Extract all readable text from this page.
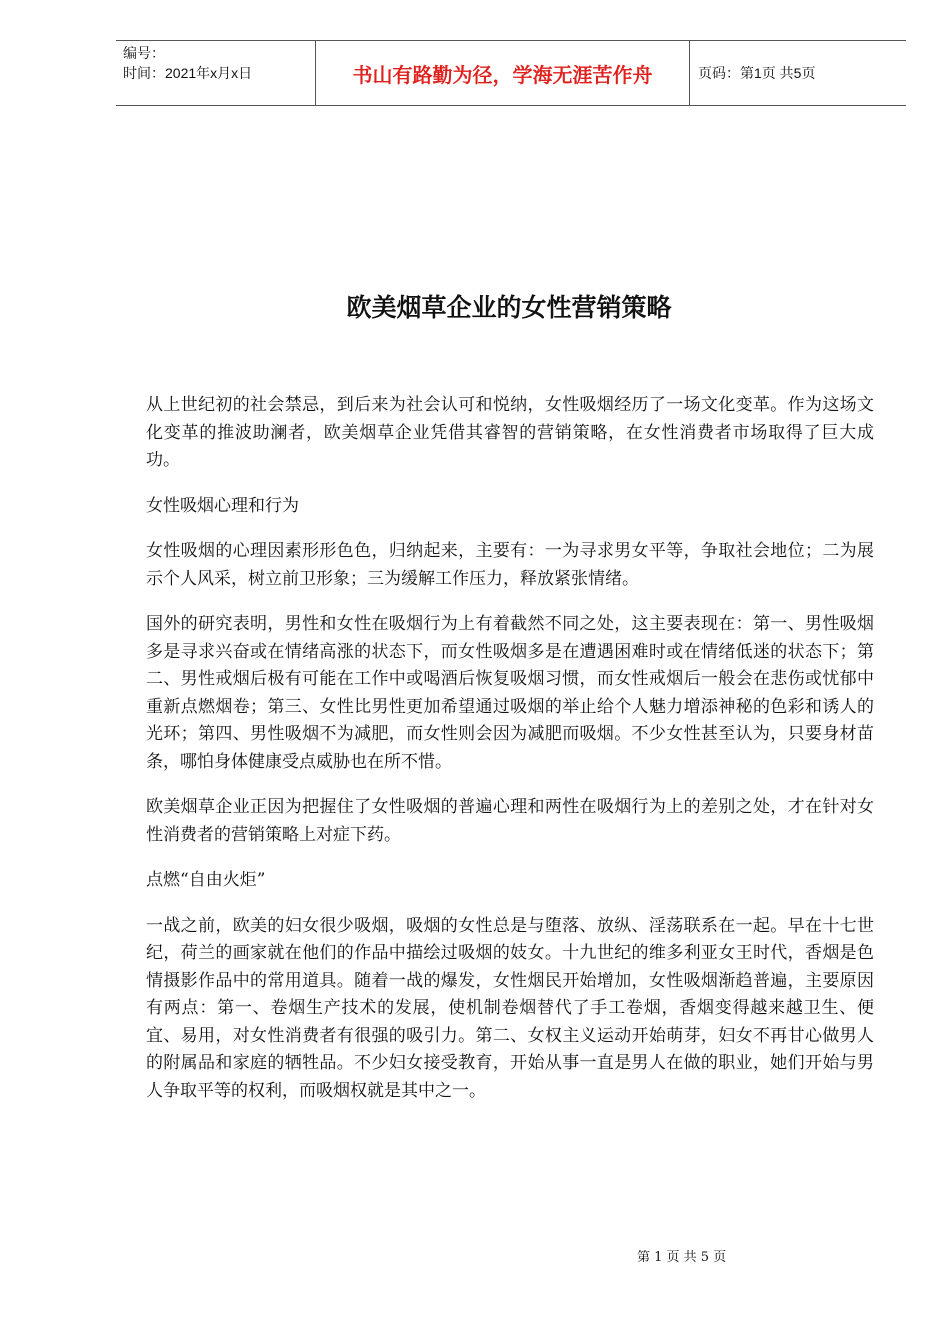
编号：
时间：2021年x月x日	书山有路勤为径，学海无涯苦作舟	页码：第1页 共5页
欧美烟草企业的女性营销策略

从上世纪初的社会禁忌，到后来为社会认可和悦纳，女性吸烟经历了一场文化变革。作为这场文化变革的推波助澜者，欧美烟草企业凭借其睿智的营销策略，在女性消费者市场取得了巨大成功。

女性吸烟心理和行为

女性吸烟的心理因素形形色色，归纳起来，主要有：一为寻求男女平等，争取社会地位；二为展示个人风采，树立前卫形象；三为缓解工作压力，释放紧张情绪。

国外的研究表明，男性和女性在吸烟行为上有着截然不同之处，这主要表现在：第一、男性吸烟多是寻求兴奋或在情绪高涨的状态下，而女性吸烟多是在遭遇困难时或在情绪低迷的状态下；第二、男性戒烟后极有可能在工作中或喝酒后恢复吸烟习惯，而女性戒烟后一般会在悲伤或忧郁中重新点燃烟卷；第三、女性比男性更加希望通过吸烟的举止给个人魅力增添神秘的色彩和诱人的光环；第四、男性吸烟不为减肥，而女性则会因为减肥而吸烟。不少女性甚至认为，只要身材苗条，哪怕身体健康受点威胁也在所不惜。

欧美烟草企业正因为把握住了女性吸烟的普遍心理和两性在吸烟行为上的差别之处，才在针对女性消费者的营销策略上对症下药。

点燃“自由火炬”

一战之前，欧美的妇女很少吸烟，吸烟的女性总是与堕落、放纵、淫荡联系在一起。早在十七世纪，荷兰的画家就在他们的作品中描绘过吸烟的妓女。十九世纪的维多利亚女王时代，香烟是色情摄影作品中的常用道具。随着一战的爆发，女性烟民开始增加，女性吸烟渐趋普遍，主要原因有两点：第一、卷烟生产技术的发展，使机制卷烟替代了手工卷烟，香烟变得越来越卫生、便宜、易用，对女性消费者有很强的吸引力。第二、女权主义运动开始萌芽，妇女不再甘心做男人的附属品和家庭的牺牲品。不少妇女接受教育，开始从事一直是男人在做的职业，她们开始与男人争取平等的权利，而吸烟权就是其中之一。

第 1 页 共 5 页
